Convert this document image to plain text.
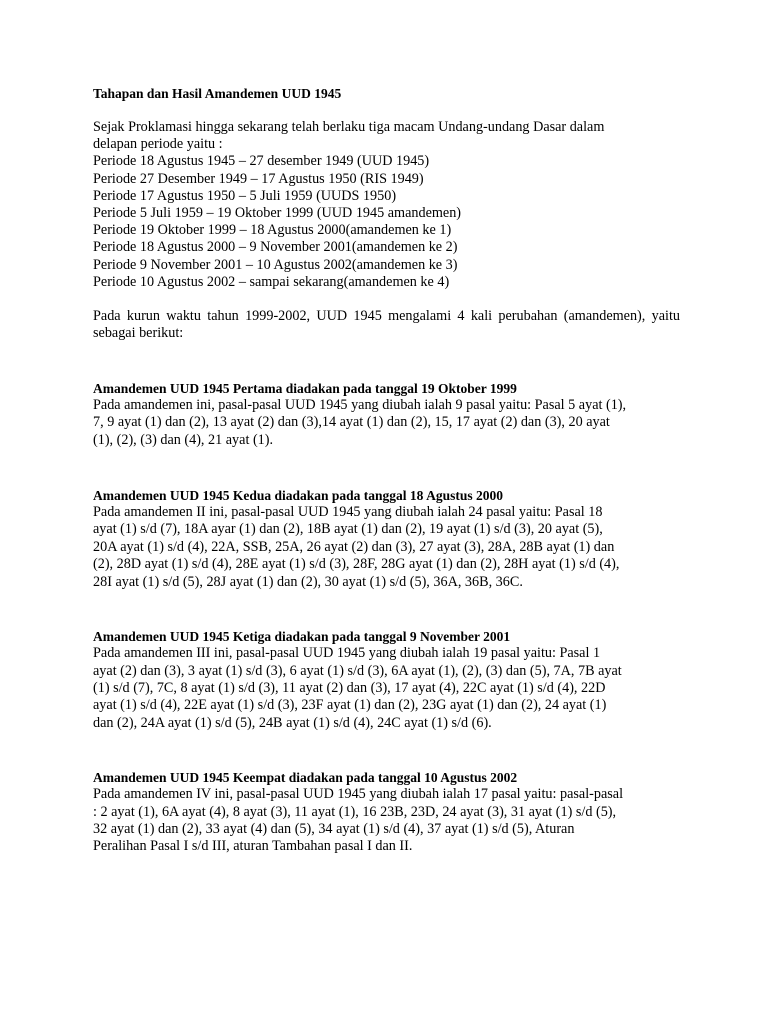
Tahapan dan Hasil Amandemen UUD 1945
Sejak Proklamasi hingga sekarang telah berlaku tiga macam Undang-undang Dasar dalam
delapan periode yaitu :
Periode 18 Agustus 1945 – 27 desember 1949 (UUD 1945)
Periode 27 Desember 1949 – 17 Agustus 1950 (RIS 1949)
Periode 17 Agustus 1950 – 5 Juli 1959 (UUDS 1950)
Periode 5 Juli 1959 – 19 Oktober 1999 (UUD 1945 amandemen)
Periode 19 Oktober 1999 – 18 Agustus 2000(amandemen ke 1)
Periode 18 Agustus 2000 – 9 November 2001(amandemen ke 2)
Periode 9 November 2001 – 10 Agustus 2002(amandemen ke 3)
Periode 10 Agustus 2002 – sampai sekarang(amandemen ke 4)
Pada kurun waktu tahun 1999-2002, UUD 1945 mengalami 4 kali perubahan (amandemen), yaitu sebagai berikut:
Amandemen UUD 1945 Pertama diadakan pada tanggal 19 Oktober 1999
Pada amandemen ini, pasal-pasal UUD 1945 yang diubah ialah 9 pasal yaitu: Pasal 5 ayat (1),
7, 9 ayat (1) dan (2), 13 ayat (2) dan (3),14 ayat (1) dan (2), 15, 17 ayat (2) dan (3), 20 ayat
(1), (2), (3) dan (4), 21 ayat (1).
Amandemen UUD 1945 Kedua diadakan pada tanggal 18 Agustus 2000
Pada amandemen II ini, pasal-pasal UUD 1945 yang diubah ialah 24 pasal yaitu: Pasal 18
ayat (1) s/d (7), 18A ayar (1) dan (2), 18B ayat (1) dan (2), 19 ayat (1) s/d (3), 20 ayat (5),
20A ayat (1) s/d (4), 22A, SSB, 25A, 26 ayat (2) dan (3), 27 ayat (3), 28A, 28B ayat (1) dan
(2), 28D ayat (1) s/d (4), 28E ayat (1) s/d (3), 28F, 28G ayat (1) dan (2), 28H ayat (1) s/d (4),
28I ayat (1) s/d (5), 28J ayat (1) dan (2), 30 ayat (1) s/d (5), 36A, 36B, 36C.
Amandemen UUD 1945 Ketiga diadakan pada tanggal 9 November 2001
Pada amandemen III ini, pasal-pasal UUD 1945 yang diubah ialah 19 pasal yaitu: Pasal 1
ayat (2) dan (3), 3 ayat (1) s/d (3), 6 ayat (1) s/d (3), 6A ayat (1), (2), (3) dan (5), 7A, 7B ayat
(1) s/d (7), 7C, 8 ayat (1) s/d (3), 11 ayat (2) dan (3), 17 ayat (4), 22C ayat (1) s/d (4), 22D
ayat (1) s/d (4), 22E ayat (1) s/d (3), 23F ayat (1) dan (2), 23G ayat (1) dan (2), 24 ayat (1)
dan (2), 24A ayat (1) s/d (5), 24B ayat (1) s/d (4), 24C ayat (1) s/d (6).
Amandemen UUD 1945 Keempat diadakan pada tanggal 10 Agustus 2002
Pada amandemen IV ini, pasal-pasal UUD 1945 yang diubah ialah 17 pasal yaitu: pasal-pasal
: 2 ayat (1), 6A ayat (4), 8 ayat (3), 11 ayat (1), 16 23B, 23D, 24 ayat (3), 31 ayat (1) s/d (5),
32 ayat (1) dan (2), 33 ayat (4) dan (5), 34 ayat (1) s/d (4), 37 ayat (1) s/d (5), Aturan
Peralihan Pasal I s/d III, aturan Tambahan pasal I dan II.
